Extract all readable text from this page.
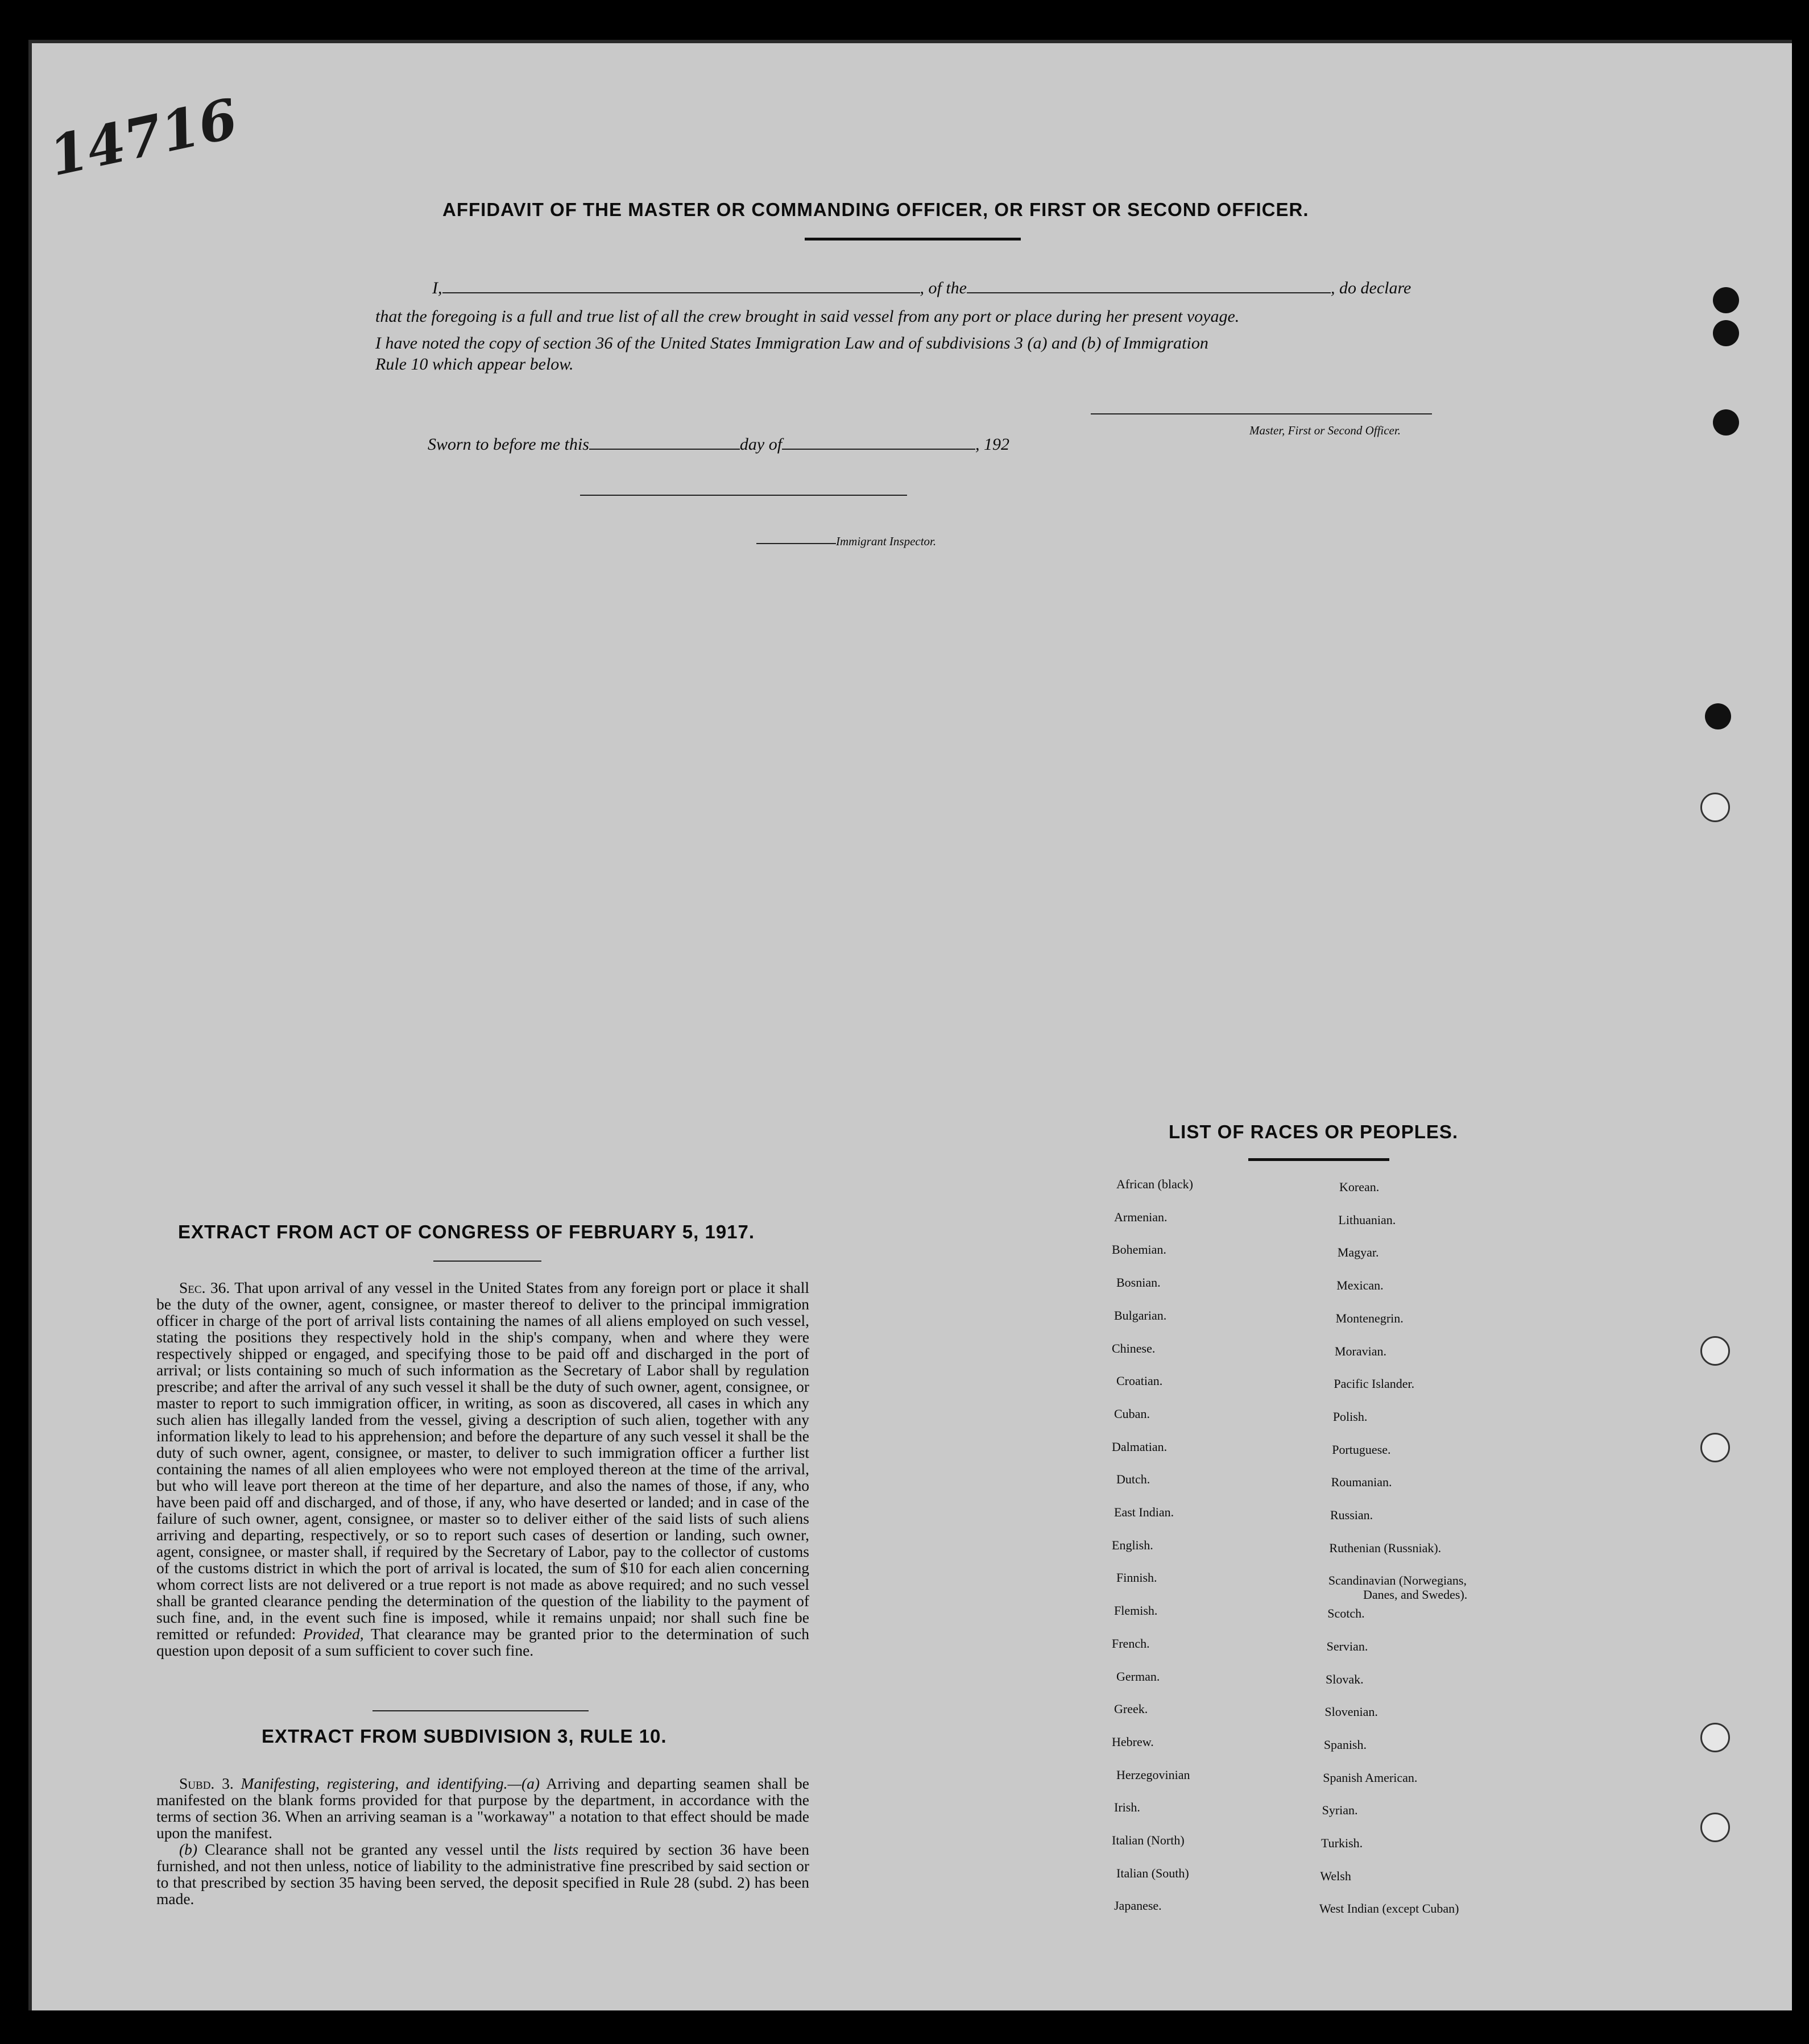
14716
AFFIDAVIT OF THE MASTER OR COMMANDING OFFICER, OR FIRST OR SECOND OFFICER.
I,	, of the	, do declare
that the foregoing is a full and true list of all the crew brought in said vessel from any port or place during her present voyage.
I have noted the copy of section 36 of the United States Immigration Law and of subdivisions 3 (a) and (b) of Immigration
Rule 10 which appear below.
Master, First or Second Officer.
Sworn to before me this	day of	, 192
Immigrant Inspector.
EXTRACT FROM ACT OF CONGRESS OF FEBRUARY 5, 1917.

Sec. 36. That upon arrival of any vessel in the United States from any foreign port or place it shall be the duty of the owner, agent, consignee, or master thereof to deliver to the principal immigration officer in charge of the port of arrival lists containing the names of all aliens employed on such vessel, stating the positions they respectively hold in the ship's company, when and where they were respectively shipped or engaged, and specifying those to be paid off and discharged in the port of arrival; or lists containing so much of such information as the Secretary of Labor shall by regulation prescribe; and after the arrival of any such vessel it shall be the duty of such owner, agent, consignee, or master to report to such immigration officer, in writing, as soon as discovered, all cases in which any such alien has illegally landed from the vessel, giving a description of such alien, together with any information likely to lead to his apprehension; and before the departure of any such vessel it shall be the duty of such owner, agent, consignee, or master, to deliver to such immigration officer a further list containing the names of all alien employees who were not employed thereon at the time of the arrival, but who will leave port thereon at the time of her departure, and also the names of those, if any, who have been paid off and discharged, and of those, if any, who have deserted or landed; and in case of the failure of such owner, agent, consignee, or master so to deliver either of the said lists of such aliens arriving and departing, respectively, or so to report such cases of desertion or landing, such owner, agent, consignee, or master shall, if required by the Secretary of Labor, pay to the collector of customs of the customs district in which the port of arrival is located, the sum of $10 for each alien concerning whom correct lists are not delivered or a true report is not made as above required; and no such vessel shall be granted clearance pending the determination of the question of the liability to the payment of such fine, and, in the event such fine is imposed, while it remains unpaid; nor shall such fine be remitted or refunded: Provided, That clearance may be granted prior to the determination of such question upon deposit of a sum sufficient to cover such fine.

EXTRACT FROM SUBDIVISION 3, RULE 10.

Subd. 3. Manifesting, registering, and identifying.—(a) Arriving and departing seamen shall be manifested on the blank forms provided for that purpose by the department, in accordance with the terms of section 36. When an arriving seaman is a "workaway" a notation to that effect should be made upon the manifest.

(b) Clearance shall not be granted any vessel until the lists required by section 36 have been furnished, and not then unless, notice of liability to the administrative fine prescribed by said section or to that prescribed by section 35 having been served, the deposit specified in Rule 28 (subd. 2) has been made.

LIST OF RACES OR PEOPLES.
African (black)
Armenian.
Bohemian.
Bosnian.
Bulgarian.
Chinese.
Croatian.
Cuban.
Dalmatian.
Dutch.
East Indian.
English.
Finnish.
Flemish.
French.
German.
Greek.
Hebrew.
Herzegovinian
Irish.
Italian (North)
Italian (South)
Japanese.
Korean.
Lithuanian.
Magyar.
Mexican.
Montenegrin.
Moravian.
Pacific Islander.
Polish.
Portuguese.
Roumanian.
Russian.
Ruthenian (Russniak).
Scandinavian (Norwegians,
Scotch.
Servian.
Slovak.
Slovenian.
Spanish.
Spanish American.
Syrian.
Turkish.
Welsh
West Indian (except Cuban)
Danes, and Swedes).
